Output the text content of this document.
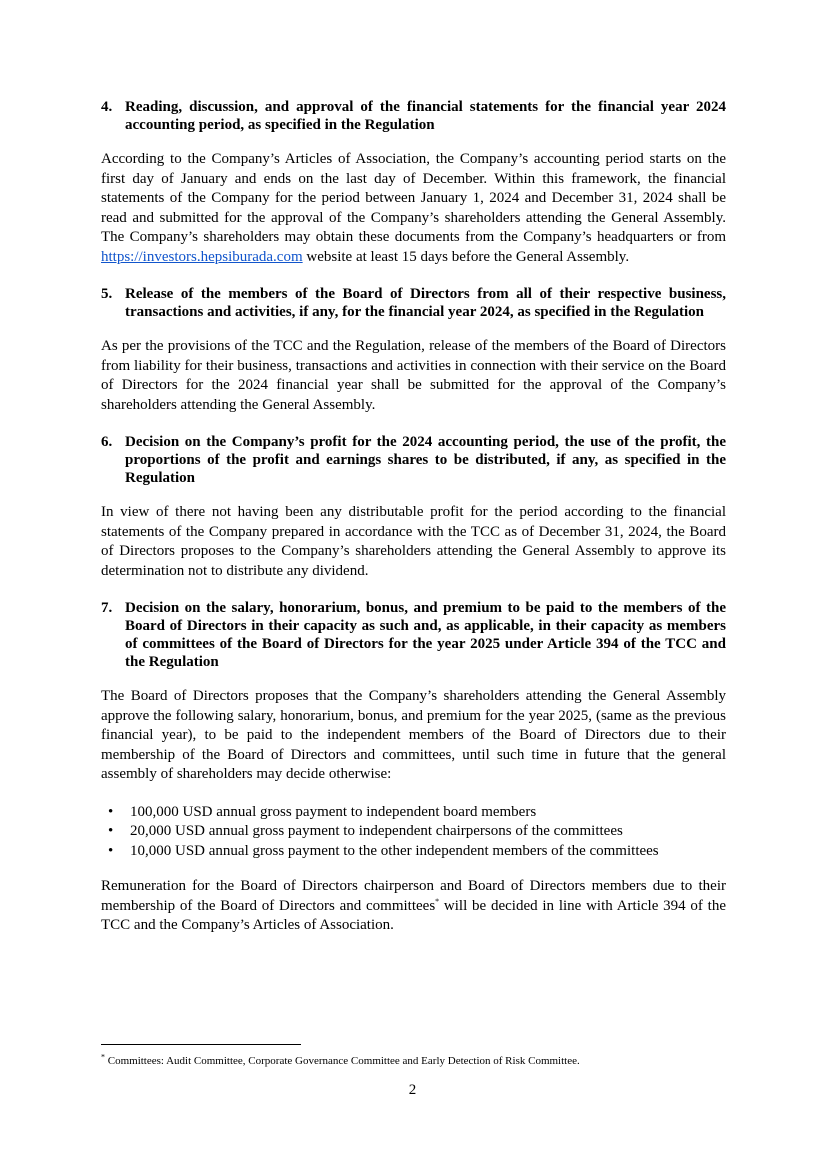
4. Reading, discussion, and approval of the financial statements for the financial year 2024 accounting period, as specified in the Regulation

According to the Company’s Articles of Association, the Company’s accounting period starts on the first day of January and ends on the last day of December. Within this framework, the financial statements of the Company for the period between January 1, 2024 and December 31, 2024 shall be read and submitted for the approval of the Company’s shareholders attending the General Assembly. The Company’s shareholders may obtain these documents from the Company’s headquarters or from https://investors.hepsiburada.com website at least 15 days before the General Assembly.

5. Release of the members of the Board of Directors from all of their respective business, transactions and activities, if any, for the financial year 2024, as specified in the Regulation

As per the provisions of the TCC and the Regulation, release of the members of the Board of Directors from liability for their business, transactions and activities in connection with their service on the Board of Directors for the 2024 financial year shall be submitted for the approval of the Company’s shareholders attending the General Assembly.

6. Decision on the Company’s profit for the 2024 accounting period, the use of the profit, the proportions of the profit and earnings shares to be distributed, if any, as specified in the Regulation

In view of there not having been any distributable profit for the period according to the financial statements of the Company prepared in accordance with the TCC as of December 31, 2024, the Board of Directors proposes to the Company’s shareholders attending the General Assembly to approve its determination not to distribute any dividend.

7. Decision on the salary, honorarium, bonus, and premium to be paid to the members of the Board of Directors in their capacity as such and, as applicable, in their capacity as members of committees of the Board of Directors for the year 2025 under Article 394 of the TCC and the Regulation

The Board of Directors proposes that the Company’s shareholders attending the General Assembly approve the following salary, honorarium, bonus, and premium for the year 2025, (same as the previous financial year), to be paid to the independent members of the Board of Directors due to their membership of the Board of Directors and committees, until such time in future that the general assembly of shareholders may decide otherwise:

•	100,000 USD annual gross payment to independent board members
•	20,000 USD annual gross payment to independent chairpersons of the committees
•	10,000 USD annual gross payment to the other independent members of the committees

Remuneration for the Board of Directors chairperson and Board of Directors members due to their membership of the Board of Directors and committees* will be decided in line with Article 394 of the TCC and the Company’s Articles of Association.

* Committees: Audit Committee, Corporate Governance Committee and Early Detection of Risk Committee.
2
